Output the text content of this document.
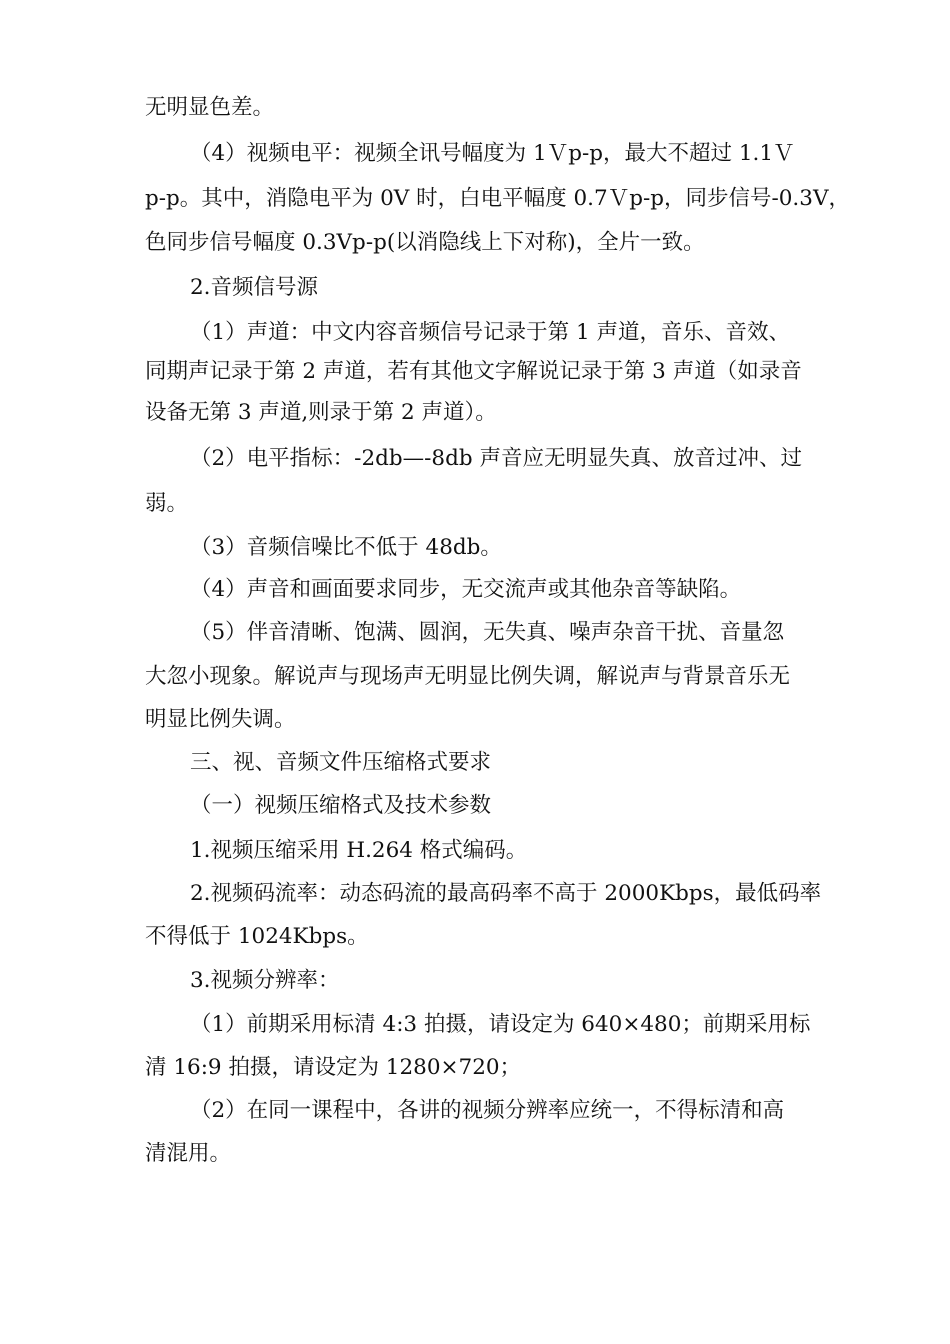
无明显色差。

（4）视频电平：视频全讯号幅度为 1Ｖp-p，最大不超过 1.1Ｖ

p-p。其中，消隐电平为 0V 时，白电平幅度 0.7Ｖp-p，同步信号-0.3V，

色同步信号幅度 0.3Vp-p(以消隐线上下对称)，全片一致。

2.音频信号源

（1）声道：中文内容音频信号记录于第 1 声道，音乐、音效、

同期声记录于第 2 声道，若有其他文字解说记录于第 3 声道（如录音

设备无第 3 声道,则录于第 2 声道）。

（2）电平指标：-2db—-8db 声音应无明显失真、放音过冲、过

弱。

（3）音频信噪比不低于 48db。

（4）声音和画面要求同步，无交流声或其他杂音等缺陷。

（5）伴音清晰、饱满、圆润，无失真、噪声杂音干扰、音量忽

大忽小现象。解说声与现场声无明显比例失调，解说声与背景音乐无

明显比例失调。

三、视、音频文件压缩格式要求

（一）视频压缩格式及技术参数

1.视频压缩采用 H.264 格式编码。

2.视频码流率：动态码流的最高码率不高于 2000Kbps，最低码率

不得低于 1024Kbps。

3.视频分辨率：

（1）前期采用标清 4:3 拍摄，请设定为 640×480；前期采用标

清 16:9 拍摄，请设定为 1280×720；

（2）在同一课程中，各讲的视频分辨率应统一，不得标清和高

清混用。
